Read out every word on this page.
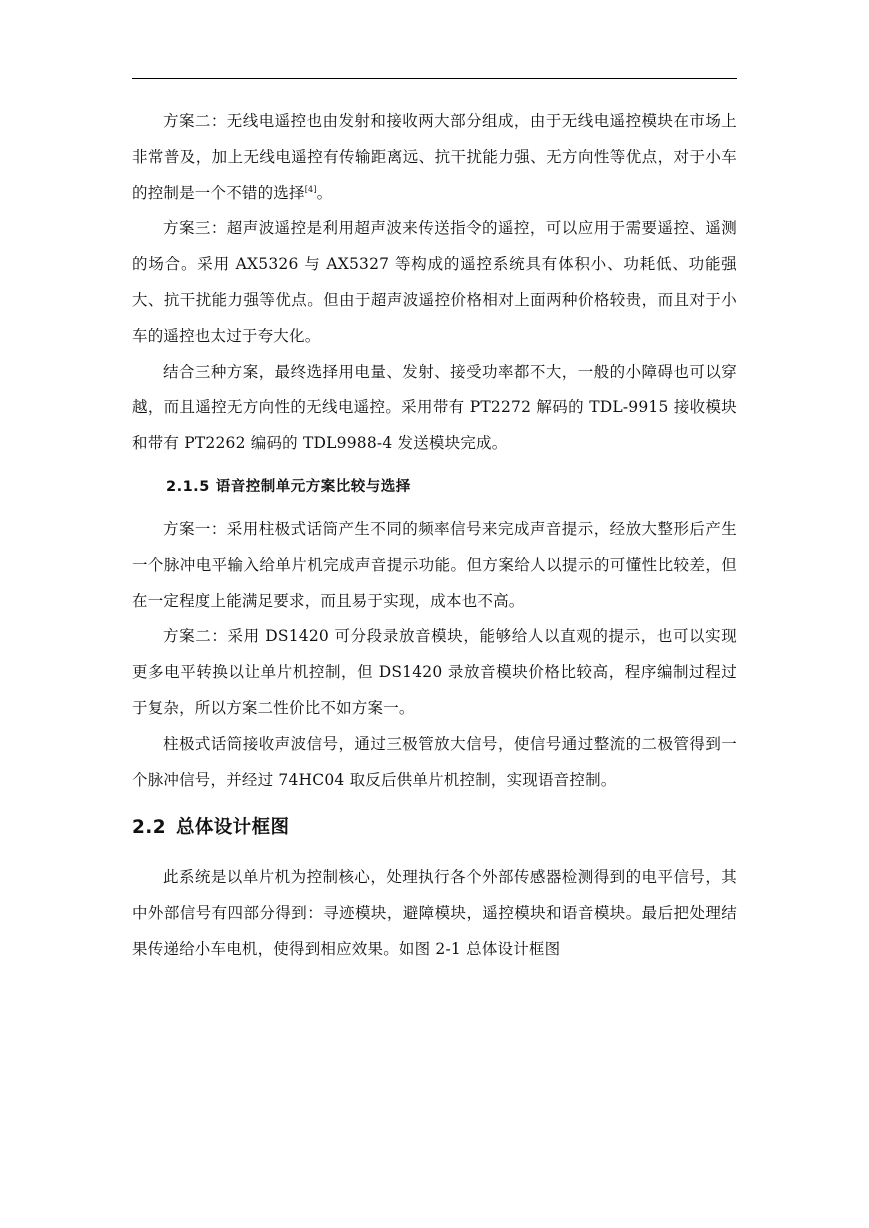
方案二：无线电遥控也由发射和接收两大部分组成，由于无线电遥控模块在市场上非常普及，加上无线电遥控有传输距离远、抗干扰能力强、无方向性等优点，对于小车的控制是一个不错的选择[4]。

方案三：超声波遥控是利用超声波来传送指令的遥控，可以应用于需要遥控、遥测的场合。采用 AX5326 与 AX5327 等构成的遥控系统具有体积小、功耗低、功能强大、抗干扰能力强等优点。但由于超声波遥控价格相对上面两种价格较贵，而且对于小车的遥控也太过于夸大化。

结合三种方案，最终选择用电量、发射、接受功率都不大，一般的小障碍也可以穿越，而且遥控无方向性的无线电遥控。采用带有 PT2272 解码的 TDL-9915 接收模块和带有 PT2262 编码的 TDL9988-4 发送模块完成。

2.1.5 语音控制单元方案比较与选择

方案一：采用柱极式话筒产生不同的频率信号来完成声音提示，经放大整形后产生一个脉冲电平输入给单片机完成声音提示功能。但方案给人以提示的可懂性比较差，但在一定程度上能满足要求，而且易于实现，成本也不高。

方案二：采用 DS1420 可分段录放音模块，能够给人以直观的提示，也可以实现更多电平转换以让单片机控制，但 DS1420 录放音模块价格比较高，程序编制过程过于复杂，所以方案二性价比不如方案一。

柱极式话筒接收声波信号，通过三极管放大信号，使信号通过整流的二极管得到一个脉冲信号，并经过 74HC04 取反后供单片机控制，实现语音控制。

2.2 总体设计框图

此系统是以单片机为控制核心，处理执行各个外部传感器检测得到的电平信号，其中外部信号有四部分得到：寻迹模块，避障模块，遥控模块和语音模块。最后把处理结果传递给小车电机，使得到相应效果。如图 2-1 总体设计框图
